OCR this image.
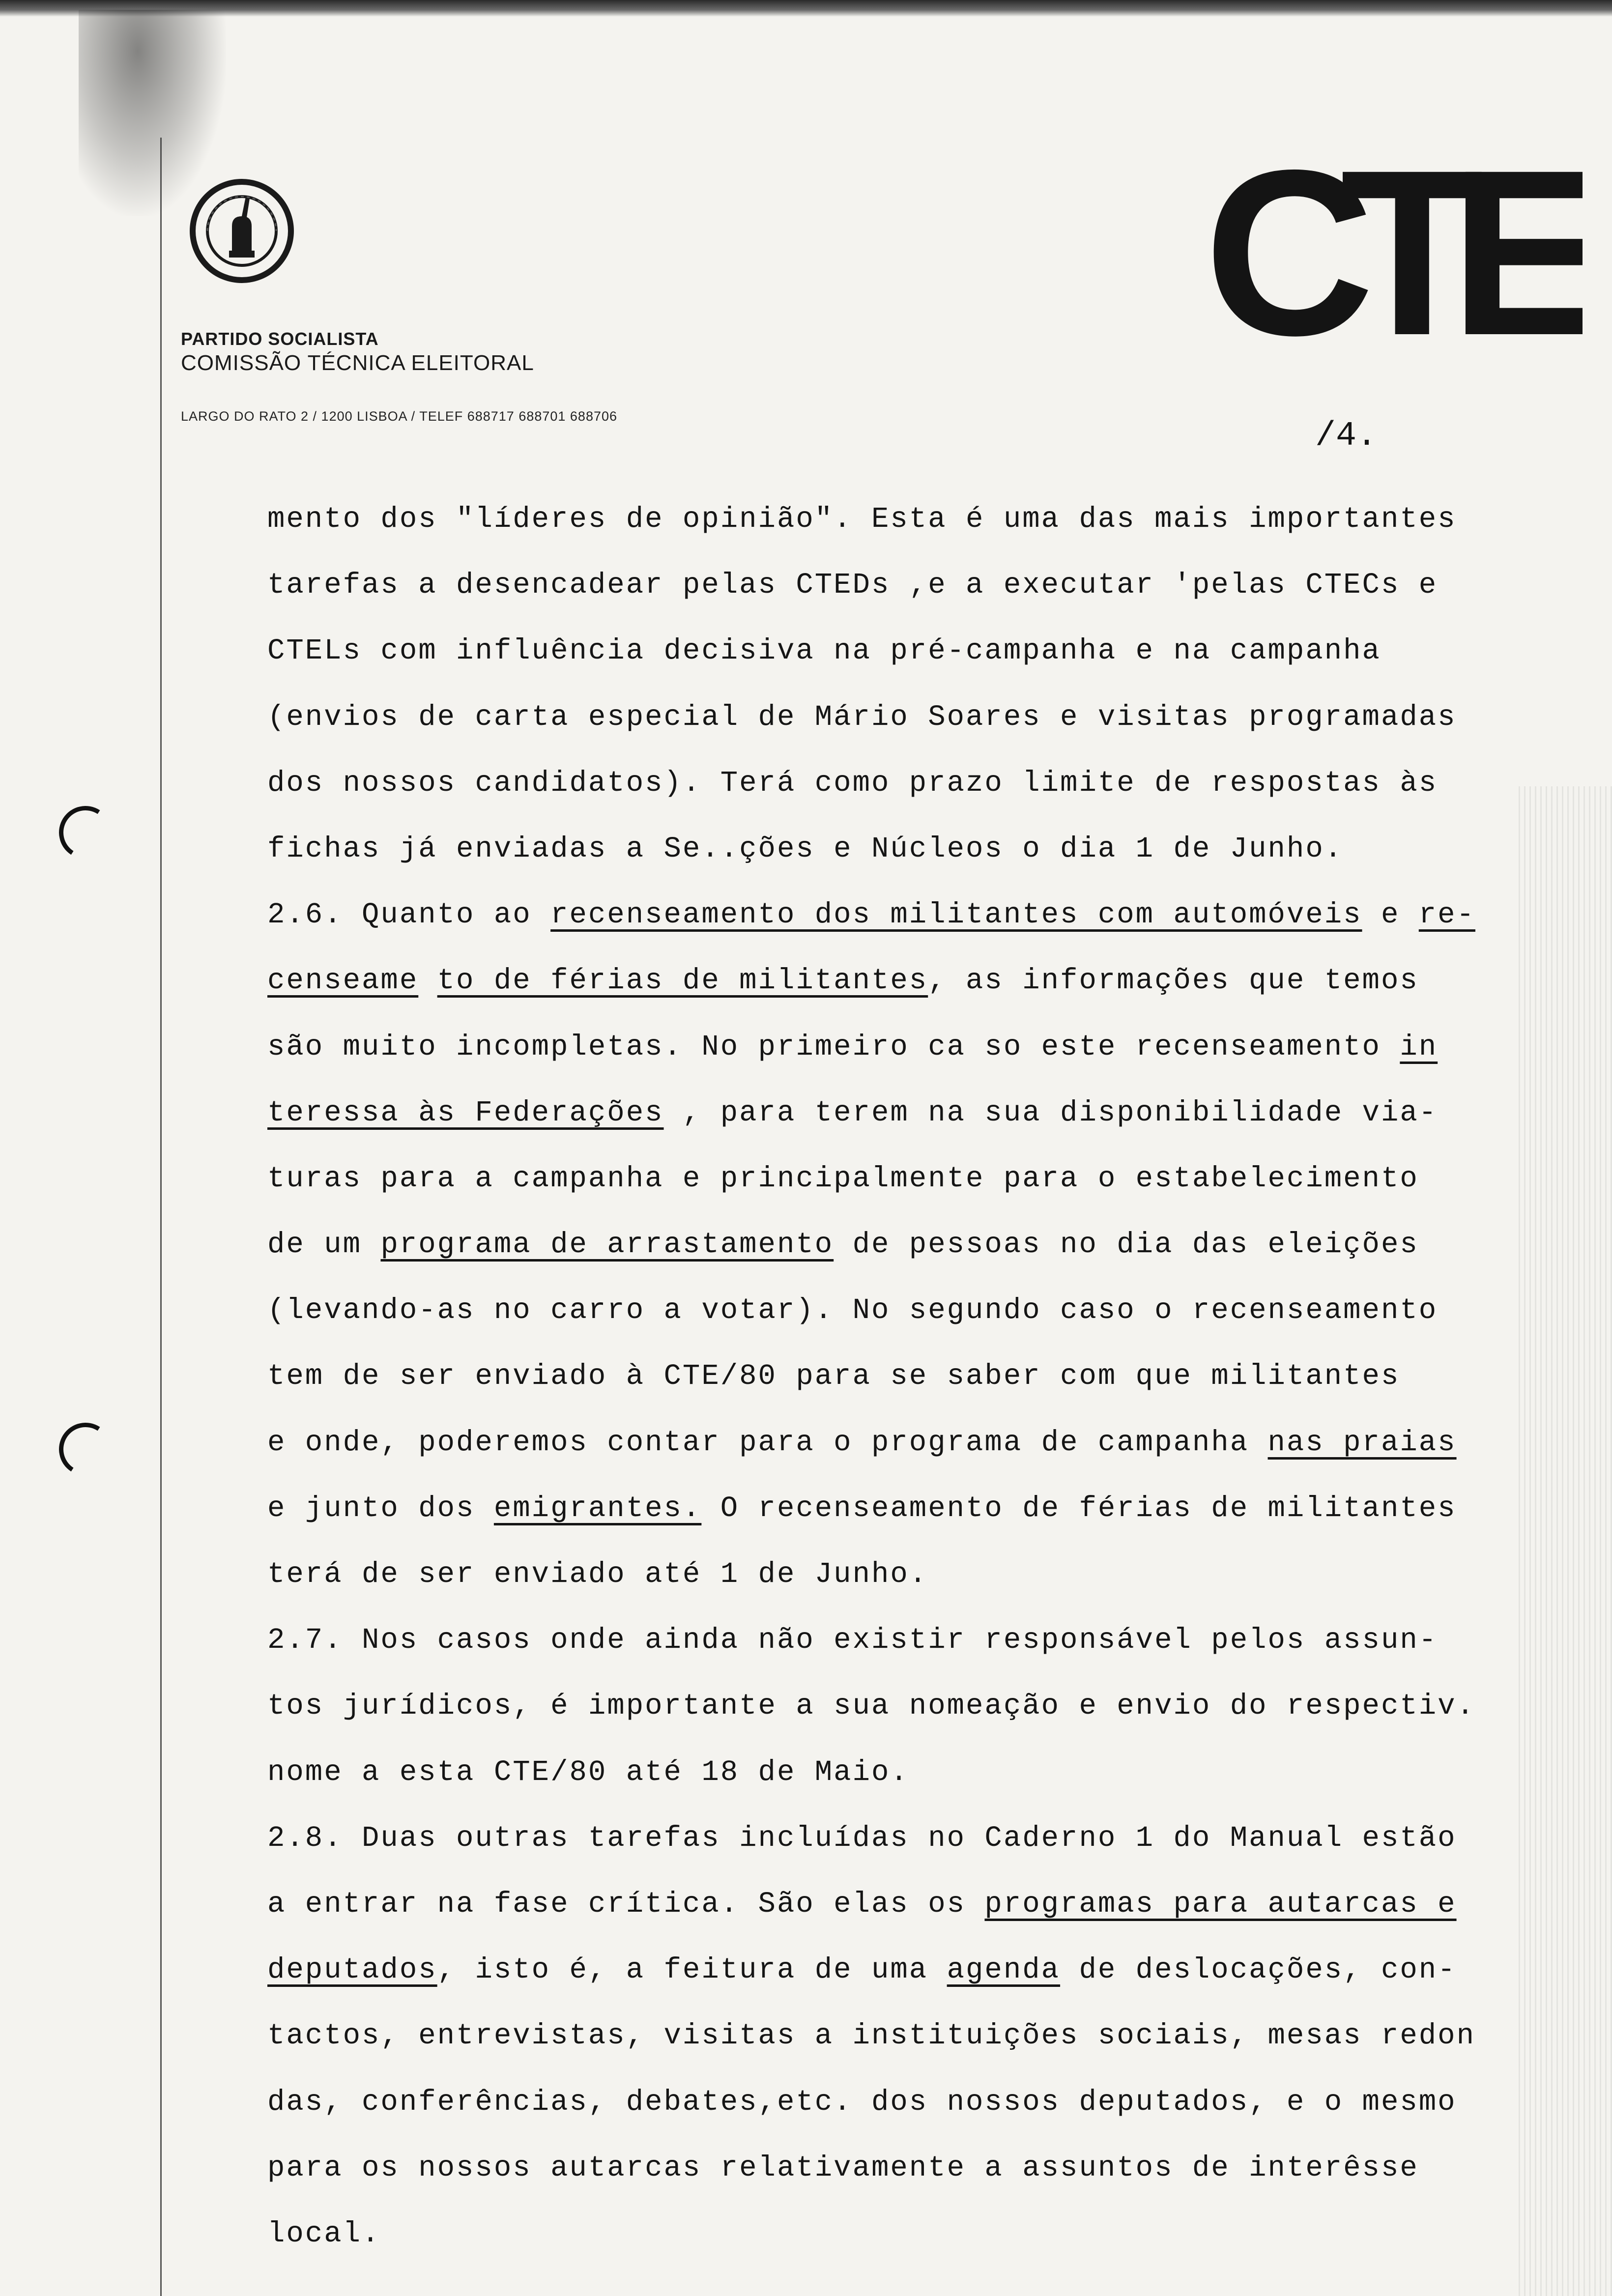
PARTIDO SOCIALISTA
COMISSÃO TÉCNICA ELEITORAL
LARGO DO RATO 2 / 1200 LISBOA / TELEF 688717 688701 688706
CTE
/4.
mento dos "líderes de opinião". Esta é uma das mais importantes
tarefas a desencadear pelas CTEDs ,e a executar 'pelas CTECs e
CTELs com influência decisiva na pré-campanha e na campanha
(envios de carta especial de Mário Soares e visitas programadas
dos nossos candidatos). Terá como prazo limite de respostas às
fichas já enviadas a Se..ções e Núcleos o dia 1 de Junho.
2.6. Quanto ao recenseamento dos militantes com automóveis e re-
censeame to de férias de militantes, as informações que temos
são muito incompletas. No primeiro ca so este recenseamento in
teressa às Federações , para terem na sua disponibilidade via-
turas para a campanha e principalmente para o estabelecimento
de um programa de arrastamento de pessoas no dia das eleições
(levando-as no carro a votar). No segundo caso o recenseamento
tem de ser enviado à CTE/80 para se saber com que militantes
e onde, poderemos contar para o programa de campanha nas praias
e junto dos emigrantes. O recenseamento de férias de militantes
terá de ser enviado até 1 de Junho.
2.7. Nos casos onde ainda não existir responsável pelos assun-
tos jurídicos, é importante a sua nomeação e envio do respectiv.
nome a esta CTE/80 até 18 de Maio.
2.8. Duas outras tarefas incluídas no Caderno 1 do Manual estão
a entrar na fase crítica. São elas os programas para autarcas e
deputados, isto é, a feitura de uma agenda de deslocações, con-
tactos, entrevistas, visitas a instituições sociais, mesas redon
das, conferências, debates,etc. dos nossos deputados, e o mesmo
para os nossos autarcas relativamente a assuntos de interêsse
local.
